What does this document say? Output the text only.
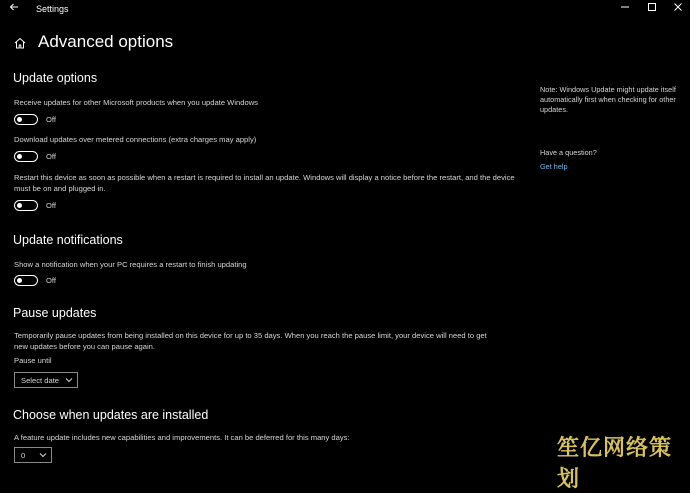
Settings
Advanced options
Update options
Receive updates for other Microsoft products when you update Windows
Off
Download updates over metered connections (extra charges may apply)
Off
Restart this device as soon as possible when a restart is required to install an update. Windows will display a notice before the restart, and the device must be on and plugged in.
Off
Update notifications
Show a notification when your PC requires a restart to finish updating
Off
Pause updates
Temporarily pause updates from being installed on this device for up to 35 days. When you reach the pause limit, your device will need to get new updates before you can pause again.
Pause until
Select date
Choose when updates are installed
A feature update includes new capabilities and improvements. It can be deferred for this many days:
0
Note: Windows Update might update itself automatically first when checking for other updates.
Have a question?
Get help
笙亿网络策划
